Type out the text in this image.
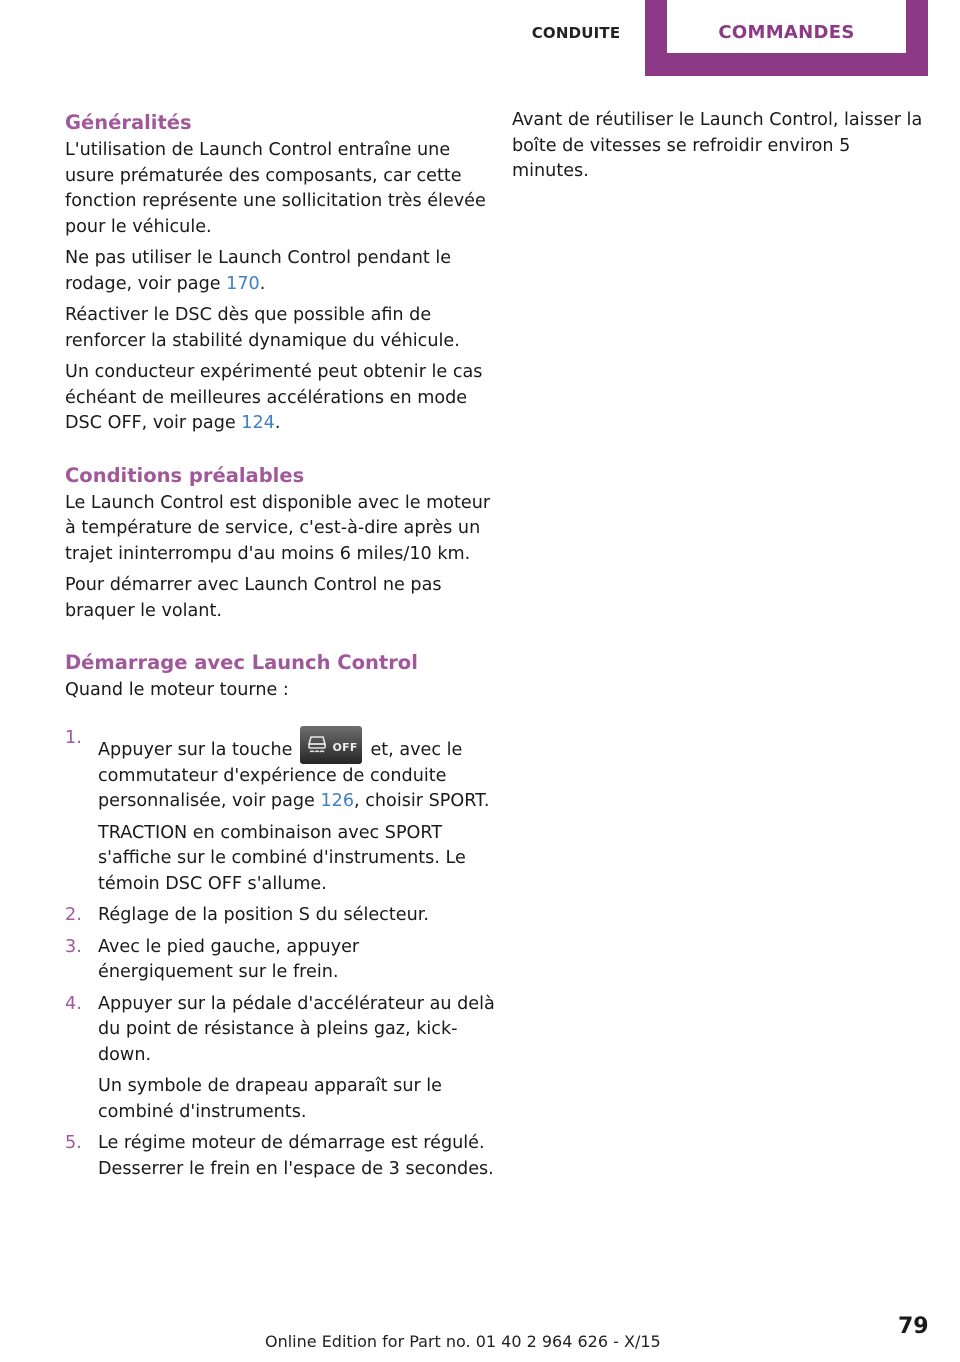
CONDUITE	COMMANDES
Généralités

L'utilisation de Launch Control entraîne une usure prématurée des composants, car cette fonction représente une sollicitation très élevée pour le véhicule.

Ne pas utiliser le Launch Control pendant le rodage, voir page 170.

Réactiver le DSC dès que possible afin de renforcer la stabilité dynamique du véhicule.

Un conducteur expérimenté peut obtenir le cas échéant de meilleures accélérations en mode DSC OFF, voir page 124.

Conditions préalables

Le Launch Control est disponible avec le moteur à température de service, c'est-à-dire après un trajet ininterrompu d'au moins 6 miles/10 km.

Pour démarrer avec Launch Control ne pas braquer le volant.

Démarrage avec Launch Control

Quand le moteur tourne :

1.
Appuyer sur la touche	OFF et, avec le commutateur d'expérience de conduite personnalisée, voir page 126, choisir SPORT.

TRACTION en combinaison avec SPORT s'affiche sur le combiné d'instruments. Le témoin DSC OFF s'allume.

2. Réglage de la position S du sélecteur.
3. Avec le pied gauche, appuyer énergiquement sur le frein.
4. Appuyer sur la pédale d'accélérateur au delà du point de résistance à pleins gaz, kick-down.

Un symbole de drapeau apparaît sur le combiné d'instruments.

5. Le régime moteur de démarrage est régulé. Desserrer le frein en l'espace de 3 secondes.

Avant de réutiliser le Launch Control, laisser la boîte de vitesses se refroidir environ 5 minutes.

Online Edition for Part no. 01 40 2 964 626 - X/15
79
